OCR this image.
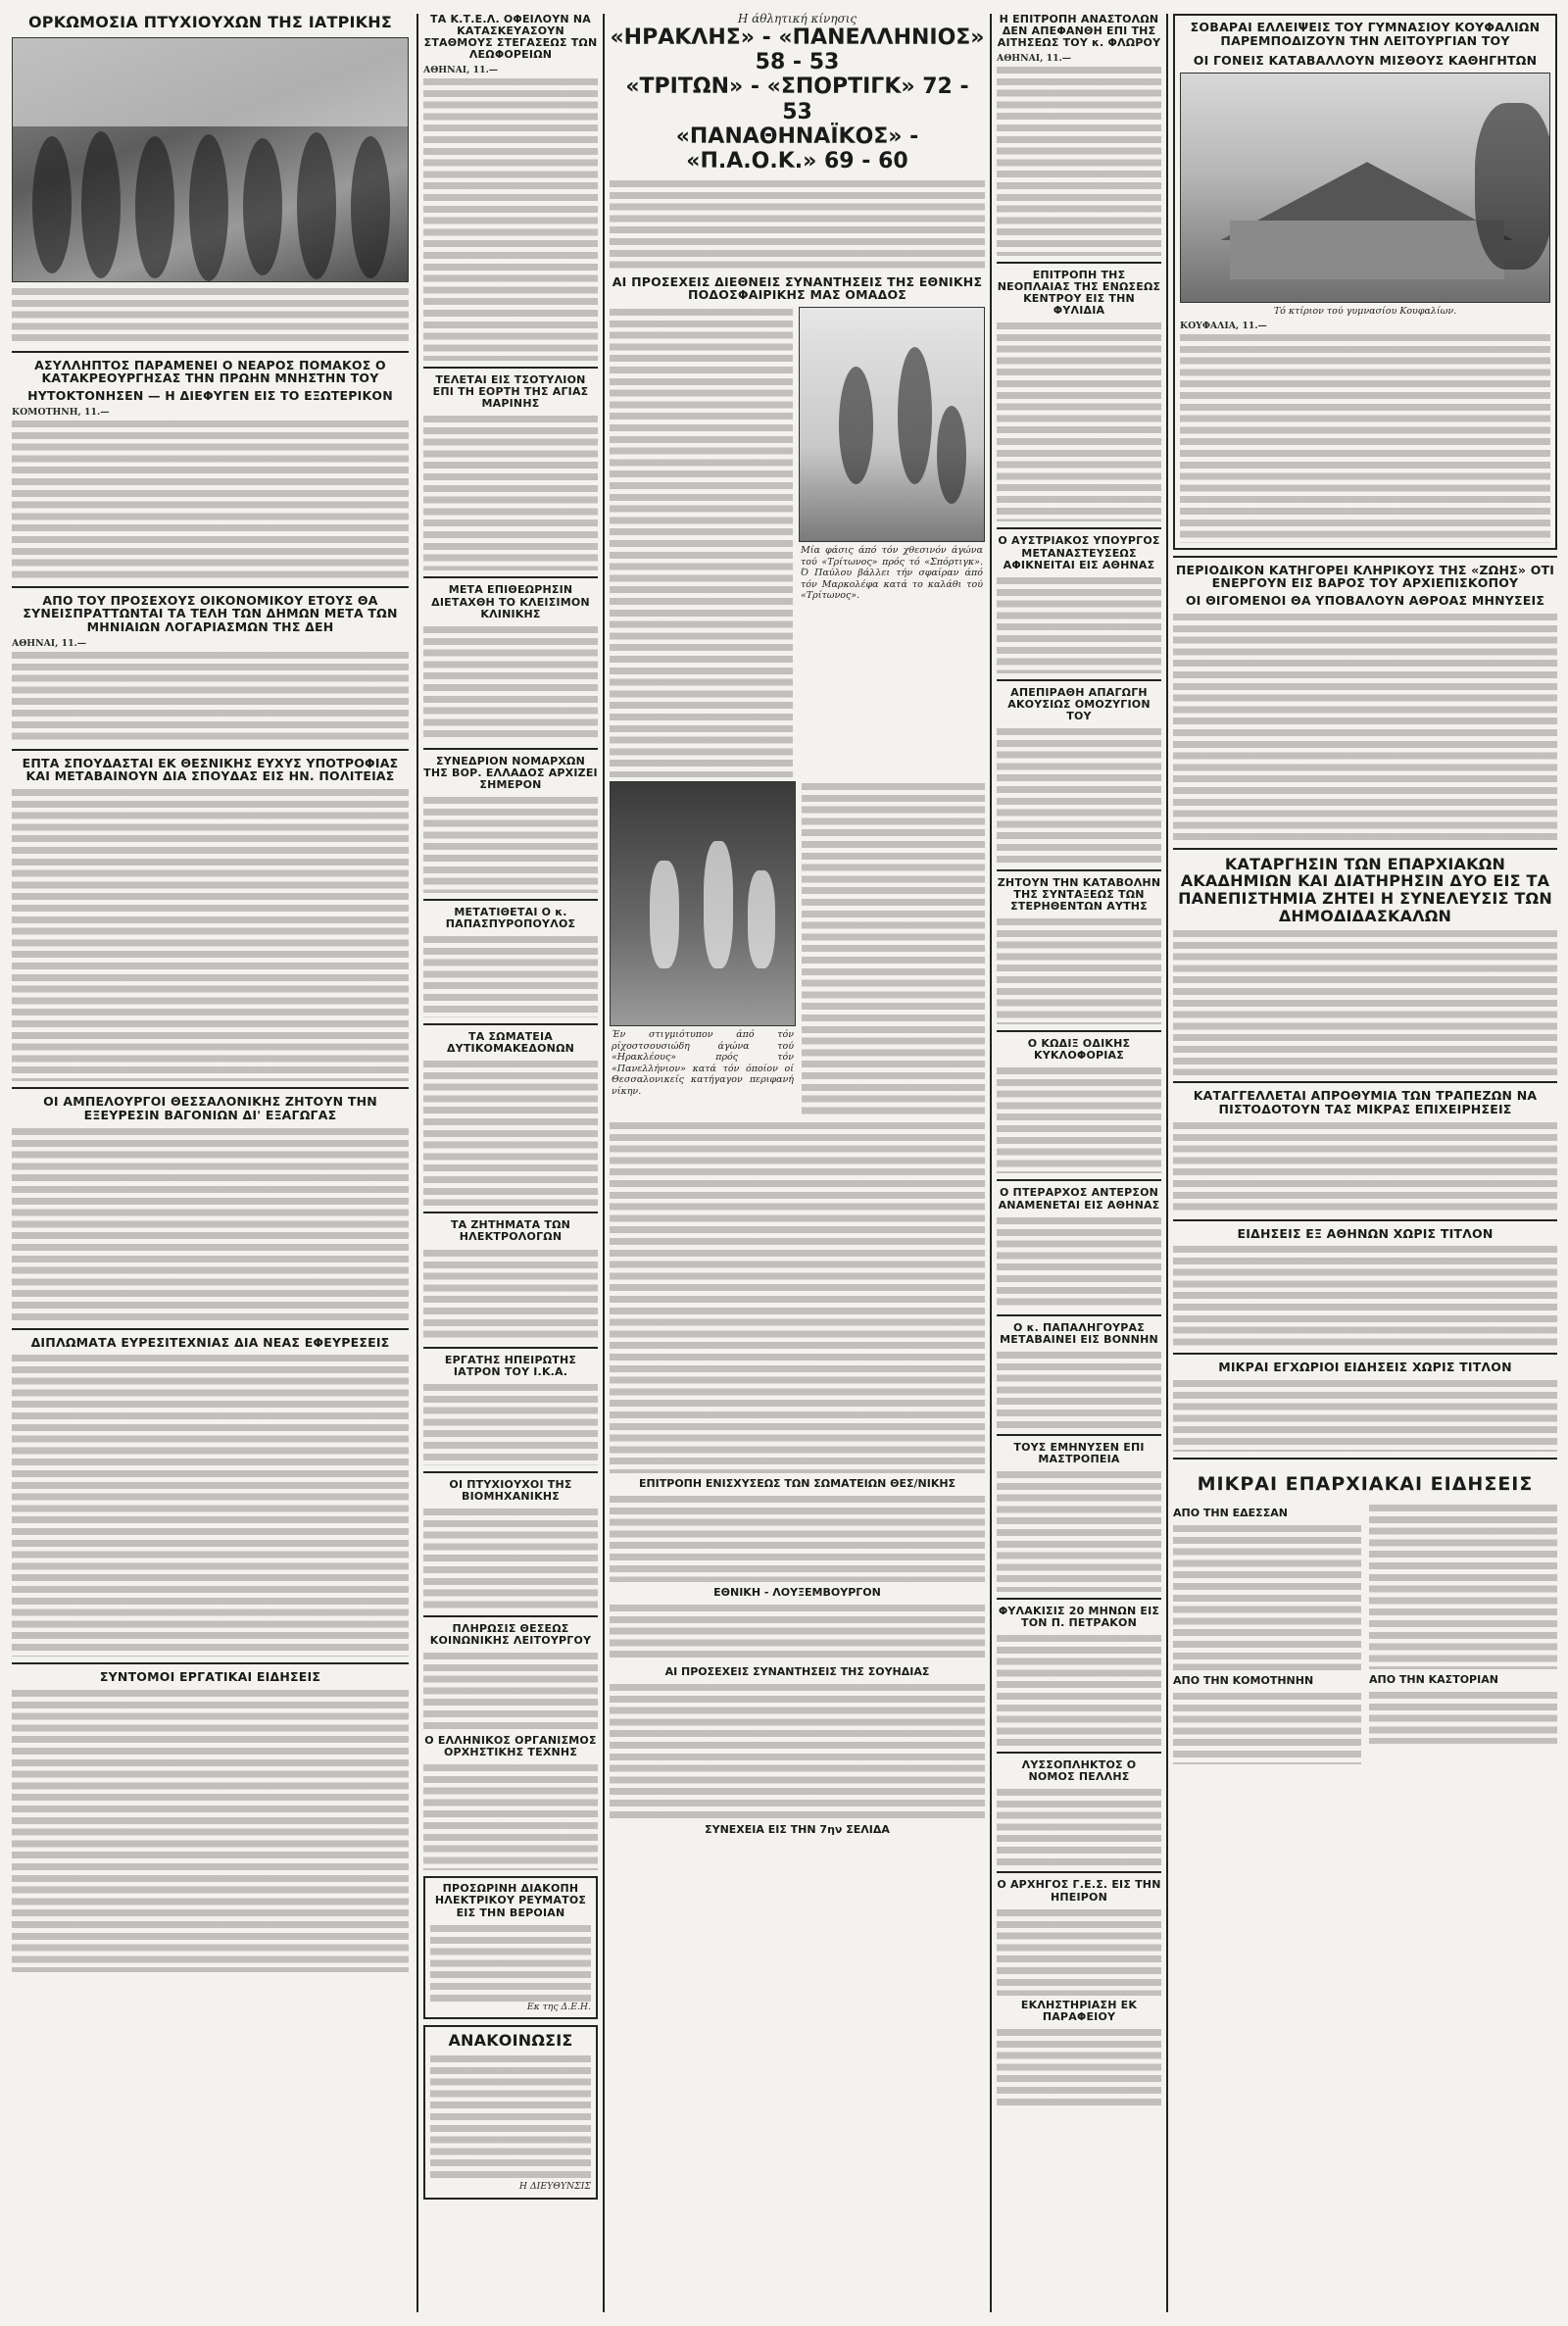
ΟΡΚΩΜΟΣΙΑ ΠΤΥΧΙΟΥΧΩΝ ΤΗΣ ΙΑΤΡΙΚΗΣ
ΑΣΥΛΛΗΠΤΟΣ ΠΑΡΑΜΕΝΕΙ Ο ΝΕΑΡΟΣ ΠΟΜΑΚΟΣ Ο ΚΑΤΑΚΡΕΟΥΡΓΗΣΑΣ ΤΗΝ ΠΡΩΗΝ ΜΝΗΣΤΗΝ ΤΟΥ
ΗΥΤΟΚΤΟΝΗΣΕΝ — Η ΔΙΕΦΥΓΕΝ ΕΙΣ ΤΟ ΕΞΩΤΕΡΙΚΟΝ
ΚΟΜΟΤΗΝΗ, 11.—
ΑΠΟ ΤΟΥ ΠΡΟΣΕΧΟΥΣ ΟΙΚΟΝΟΜΙΚΟΥ ΕΤΟΥΣ ΘΑ ΣΥΝΕΙΣΠΡΑΤΤΩΝΤΑΙ ΤΑ ΤΕΛΗ ΤΩΝ ΔΗΜΩΝ ΜΕΤΑ ΤΩΝ ΜΗΝΙΑΙΩΝ ΛΟΓΑΡΙΑΣΜΩΝ ΤΗΣ ΔΕΗ
ΑΘΗΝΑΙ, 11.—
ΕΠΤΑ ΣΠΟΥΔΑΣΤΑΙ ΕΚ ΘΕΣΝΙΚΗΣ ΕΥΧΥΣ ΥΠΟΤΡΟΦΙΑΣ ΚΑΙ ΜΕΤΑΒΑΙΝΟΥΝ ΔΙΑ ΣΠΟΥΔΑΣ ΕΙΣ ΗΝ. ΠΟΛΙΤΕΙΑΣ
ΟΙ ΑΜΠΕΛΟΥΡΓΟΙ ΘΕΣΣΑΛΟΝΙΚΗΣ ΖΗΤΟΥΝ ΤΗΝ ΕΞΕΥΡΕΣΙΝ ΒΑΓΟΝΙΩΝ ΔΙ' ΕΞΑΓΩΓΑΣ
ΔΙΠΛΩΜΑΤΑ ΕΥΡΕΣΙΤΕΧΝΙΑΣ ΔΙΑ ΝΕΑΣ ΕΦΕΥΡΕΣΕΙΣ
ΣΥΝΤΟΜΟΙ ΕΡΓΑΤΙΚΑΙ ΕΙΔΗΣΕΙΣ
ΤΑ Κ.Τ.Ε.Λ. ΟΦΕΙΛΟΥΝ ΝΑ ΚΑΤΑΣΚΕΥΑΣΟΥΝ ΣΤΑΘΜΟΥΣ ΣΤΕΓΑΣΕΩΣ ΤΩΝ ΛΕΩΦΟΡΕΙΩΝ
ΑΘΗΝΑΙ, 11.—
ΤΕΛΕΤΑΙ ΕΙΣ ΤΣΟΤΥΛΙΟΝ ΕΠΙ ΤΗ ΕΟΡΤΗ ΤΗΣ ΑΓΙΑΣ ΜΑΡΙΝΗΣ
ΜΕΤΑ ΕΠΙΘΕΩΡΗΣΙΝ ΔΙΕΤΑΧΘΗ ΤΟ ΚΛΕΙΣΙΜΟΝ ΚΛΙΝΙΚΗΣ
ΣΥΝΕΔΡΙΟΝ ΝΟΜΑΡΧΩΝ ΤΗΣ ΒΟΡ. ΕΛΛΑΔΟΣ ΑΡΧΙΖΕΙ ΣΗΜΕΡΟΝ
ΜΕΤΑΤΙΘΕΤΑΙ Ο κ. ΠΑΠΑΣΠΥΡΟΠΟΥΛΟΣ
ΤΑ ΣΩΜΑΤΕΙΑ ΔΥΤΙΚΟΜΑΚΕΔΟΝΩΝ
ΤΑ ΖΗΤΗΜΑΤΑ ΤΩΝ ΗΛΕΚΤΡΟΛΟΓΩΝ
ΕΡΓΑΤΗΣ ΗΠΕΙΡΩΤΗΣ ΙΑΤΡΟΝ ΤΟΥ Ι.Κ.Α.
ΟΙ ΠΤΥΧΙΟΥΧΟΙ ΤΗΣ ΒΙΟΜΗΧΑΝΙΚΗΣ
ΠΛΗΡΩΣΙΣ ΘΕΣΕΩΣ ΚΟΙΝΩΝΙΚΗΣ ΛΕΙΤΟΥΡΓΟΥ
Ο ΕΛΛΗΝΙΚΟΣ ΟΡΓΑΝΙΣΜΟΣ ΟΡΧΗΣΤΙΚΗΣ ΤΕΧΝΗΣ
ΠΡΟΣΩΡΙΝΗ ΔΙΑΚΟΠΗ ΗΛΕΚΤΡΙΚΟΥ ΡΕΥΜΑΤΟΣ ΕΙΣ ΤΗΝ ΒΕΡΟΙΑΝ
Εκ της Δ.Ε.Η.
ΑΝΑΚΟΙΝΩΣΙΣ
Η ΔΙΕΥΘΥΝΣΙΣ
Η άθλητική κίνησις
«ΗΡΑΚΛΗΣ» - «ΠΑΝΕΛΛΗΝΙΟΣ» 58 - 53
«ΤΡΙΤΩΝ» - «ΣΠΟΡΤΙΓΚ» 72 - 53
«ΠΑΝΑΘΗΝΑΪΚΟΣ» - «Π.Α.Ο.Κ.» 69 - 60
ΑΙ ΠΡΟΣΕΧΕΙΣ ΔΙΕΘΝΕΙΣ ΣΥΝΑΝΤΗΣΕΙΣ ΤΗΣ ΕΘΝΙΚΗΣ ΠΟΔΟΣΦΑΙΡΙΚΗΣ ΜΑΣ ΟΜΑΔΟΣ
Μία φάσις άπό τόν χθεσινόν άγώνα τού «Τρίτωνος» πρός τό «Σπόρτιγκ». Ό Παύλου βάλλει τήν σφαίραν άπό τόν Μαρκολέφα κατά το καλάθι τού «Τρίτωνος».
Έν στιγμιότυπον άπό τόν ρίχοστσουσιώδη άγώνα τού «Ηρακλέους» πρός τόν «Πανελλήνιον» κατά τόν όποίον οί Θεσσαλονικείς κατήγαγον περιφανή νίκην.
ΕΠΙΤΡΟΠΗ ΕΝΙΣΧΥΣΕΩΣ ΤΩΝ ΣΩΜΑΤΕΙΩΝ ΘΕΣ/ΝΙΚΗΣ
ΕΘΝΙΚΗ - ΛΟΥΞΕΜΒΟΥΡΓΟΝ
ΑΙ ΠΡΟΣΕΧΕΙΣ ΣΥΝΑΝΤΗΣΕΙΣ ΤΗΣ ΣΟΥΗΔΙΑΣ
ΣΥΝΕΧΕΙΑ ΕΙΣ ΤΗΝ 7ην ΣΕΛΙΔΑ
Η ΕΠΙΤΡΟΠΗ ΑΝΑΣΤΟΛΩΝ ΔΕΝ ΑΠΕΦΑΝΘΗ ΕΠΙ ΤΗΣ ΑΙΤΗΣΕΩΣ ΤΟΥ κ. ΦΛΩΡΟΥ
ΑΘΗΝΑΙ, 11.—
ΕΠΙΤΡΟΠΗ ΤΗΣ ΝΕΟΠΛΑΙΑΣ ΤΗΣ ΕΝΩΣΕΩΣ ΚΕΝΤΡΟΥ ΕΙΣ ΤΗΝ ΦΥΛΙΔΙΑ
Ο ΑΥΣΤΡΙΑΚΟΣ ΥΠΟΥΡΓΟΣ ΜΕΤΑΝΑΣΤΕΥΣΕΩΣ ΑΦΙΚΝΕΙΤΑΙ ΕΙΣ ΑΘΗΝΑΣ
ΑΠΕΠΙΡΑΘΗ ΑΠΑΓΩΓΗ ΑΚΟΥΣΙΩΣ ΟΜΟΖΥΓΙΟΝ ΤΟΥ
ΖΗΤΟΥΝ ΤΗΝ ΚΑΤΑΒΟΛΗΝ ΤΗΣ ΣΥΝΤΑΞΕΩΣ ΤΩΝ ΣΤΕΡΗΘΕΝΤΩΝ ΑΥΤΗΣ
Ο ΚΩΔΙΞ ΟΔΙΚΗΣ ΚΥΚΛΟΦΟΡΙΑΣ
Ο ΠΤΕΡΑΡΧΟΣ ΑΝΤΕΡΣΟΝ ΑΝΑΜΕΝΕΤΑΙ ΕΙΣ ΑΘΗΝΑΣ
Ο κ. ΠΑΠΑΛΗΓΟΥΡΑΣ ΜΕΤΑΒΑΙΝΕΙ ΕΙΣ ΒΟΝΝΗΝ
ΤΟΥΣ ΕΜΗΝΥΣΕΝ ΕΠΙ ΜΑΣΤΡΟΠΕΙΑ
ΦΥΛΑΚΙΣΙΣ 20 ΜΗΝΩΝ ΕΙΣ ΤΟΝ Π. ΠΕΤΡΑΚΟΝ
ΛΥΣΣΟΠΛΗΚΤΟΣ Ο ΝΟΜΟΣ ΠΕΛΛΗΣ
Ο ΑΡΧΗΓΟΣ Γ.Ε.Σ. ΕΙΣ ΤΗΝ ΗΠΕΙΡΟΝ
ΕΚΛΗΣΤΗΡΙΑΣΗ ΕΚ ΠΑΡΑΦΕΙΟΥ
ΣΟΒΑΡΑΙ ΕΛΛΕΙΨΕΙΣ ΤΟΥ ΓΥΜΝΑΣΙΟΥ ΚΟΥΦΑΛΙΩΝ ΠΑΡΕΜΠΟΔΙΖΟΥΝ ΤΗΝ ΛΕΙΤΟΥΡΓΙΑΝ ΤΟΥ
ΟΙ ΓΟΝΕΙΣ ΚΑΤΑΒΑΛΛΟΥΝ ΜΙΣΘΟΥΣ ΚΑΘΗΓΗΤΩΝ
Τό κτίριον τού γυμνασίου Κουφαλίων.
ΚΟΥΦΑΛΙΑ, 11.—
ΠΕΡΙΟΔΙΚΟΝ ΚΑΤΗΓΟΡΕΙ ΚΛΗΡΙΚΟΥΣ ΤΗΣ «ΖΩΗΣ» ΟΤΙ ΕΝΕΡΓΟΥΝ ΕΙΣ ΒΑΡΟΣ ΤΟΥ ΑΡΧΙΕΠΙΣΚΟΠΟΥ
ΟΙ ΘΙΓΟΜΕΝΟΙ ΘΑ ΥΠΟΒΑΛΟΥΝ ΑΘΡΟΑΣ ΜΗΝΥΣΕΙΣ
ΚΑΤΑΡΓΗΣΙΝ ΤΩΝ ΕΠΑΡΧΙΑΚΩΝ ΑΚΑΔΗΜΙΩΝ ΚΑΙ ΔΙΑΤΗΡΗΣΙΝ ΔΥΟ ΕΙΣ ΤΑ ΠΑΝΕΠΙΣΤΗΜΙΑ ΖΗΤΕΙ Η ΣΥΝΕΛΕΥΣΙΣ ΤΩΝ ΔΗΜΟΔΙΔΑΣΚΑΛΩΝ
ΚΑΤΑΓΓΕΛΛΕΤΑΙ ΑΠΡΟΘΥΜΙΑ ΤΩΝ ΤΡΑΠΕΖΩΝ ΝΑ ΠΙΣΤΟΔΟΤΟΥΝ ΤΑΣ ΜΙΚΡΑΣ ΕΠΙΧΕΙΡΗΣΕΙΣ
ΕΙΔΗΣΕΙΣ ΕΞ ΑΘΗΝΩΝ ΧΩΡΙΣ ΤΙΤΛΟΝ
ΜΙΚΡΑΙ ΕΓΧΩΡΙΟΙ ΕΙΔΗΣΕΙΣ ΧΩΡΙΣ ΤΙΤΛΟΝ
ΜΙΚΡΑΙ ΕΠΑΡΧΙΑΚΑΙ ΕΙΔΗΣΕΙΣ
ΑΠΟ ΤΗΝ ΕΔΕΣΣΑΝ
ΑΠΟ ΤΗΝ ΚΟΜΟΤΗΝΗΝ	ΑΠΟ ΤΗΝ ΚΑΣΤΟΡΙΑΝ
